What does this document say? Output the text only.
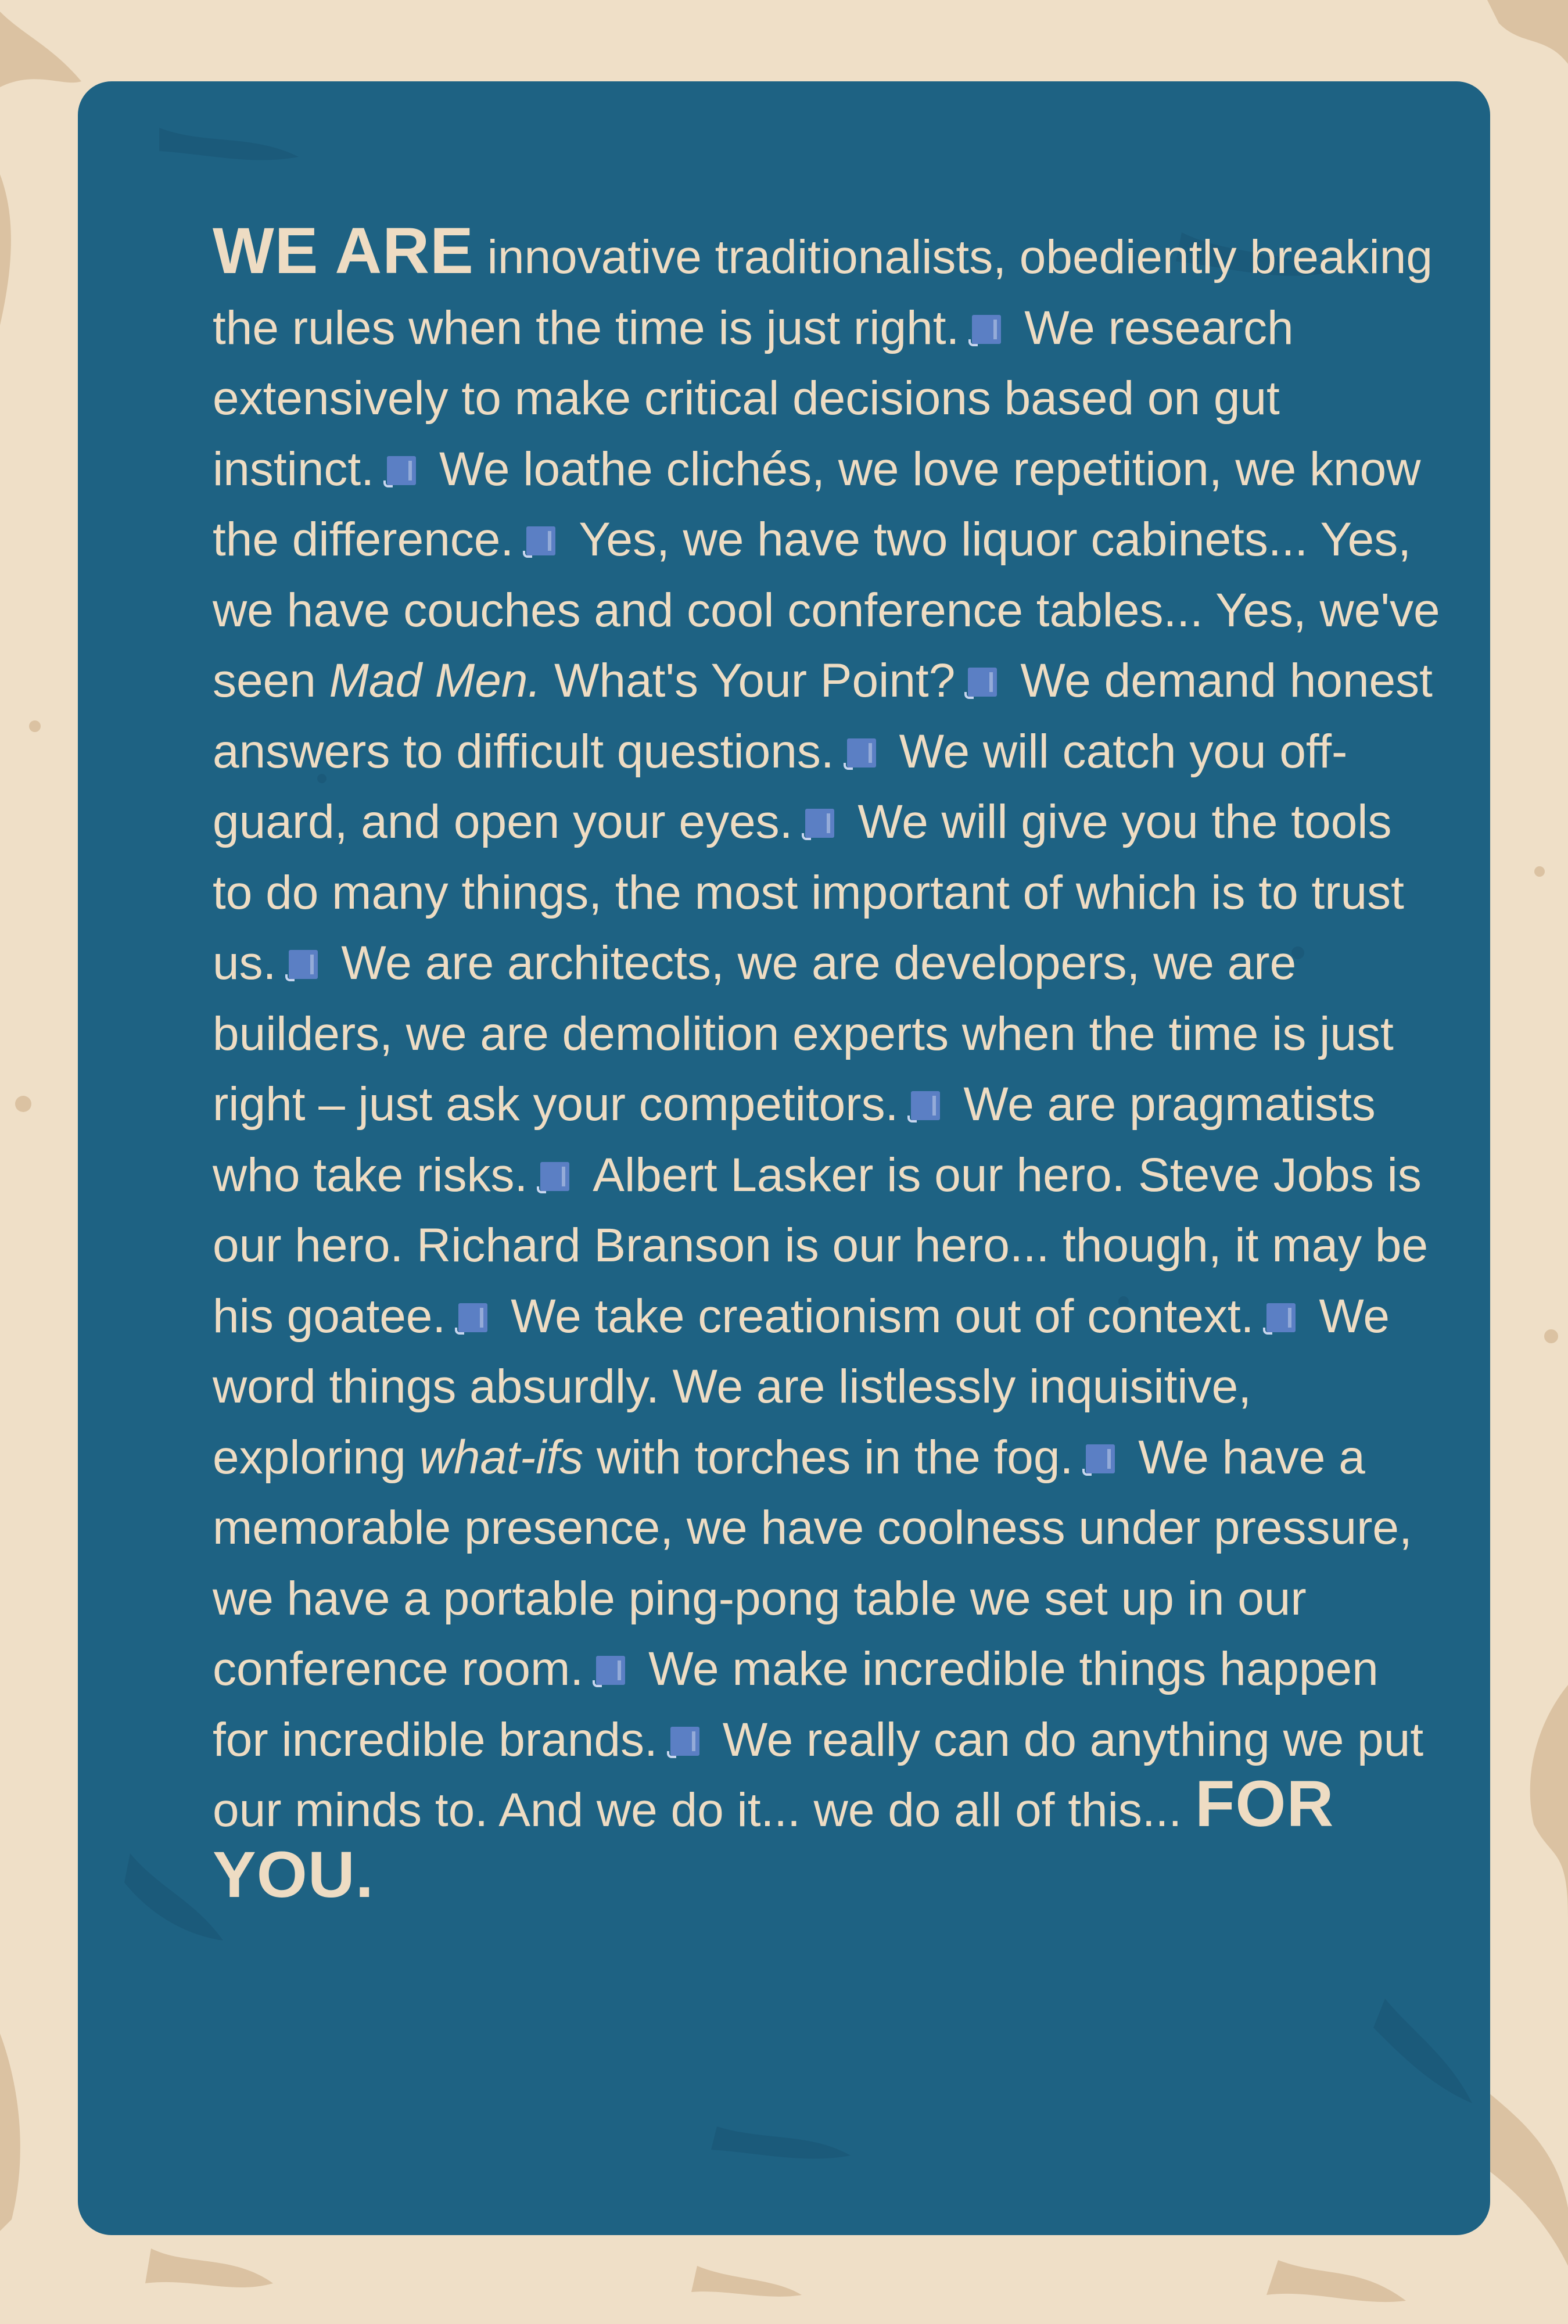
WE ARE innovative traditionalists, obediently breaking the rules when the time is just right. We research extensively to make critical decisions based on gut instinct. We loathe clichés, we love repetition, we know the difference. Yes, we have two liquor cabinets... Yes, we have couches and cool conference tables... Yes, we've seen Mad Men. What's Your Point? We demand honest answers to difficult questions. We will catch you off-guard, and open your eyes. We will give you the tools to do many things, the most important of which is to trust us. We are architects, we are developers, we are builders, we are demolition experts when the time is just right – just ask your competitors. We are pragmatists who take risks. Albert Lasker is our hero. Steve Jobs is our hero. Richard Branson is our hero... though, it may be his goatee. We take creationism out of context. We word things absurdly. We are listlessly inquisitive, exploring what-ifs with torches in the fog. We have a memorable presence, we have coolness under pressure, we have a portable ping-pong table we set up in our conference room. We make incredible things happen for incredible brands. We really can do anything we put our minds to. And we do it... we do all of this... FOR YOU.
